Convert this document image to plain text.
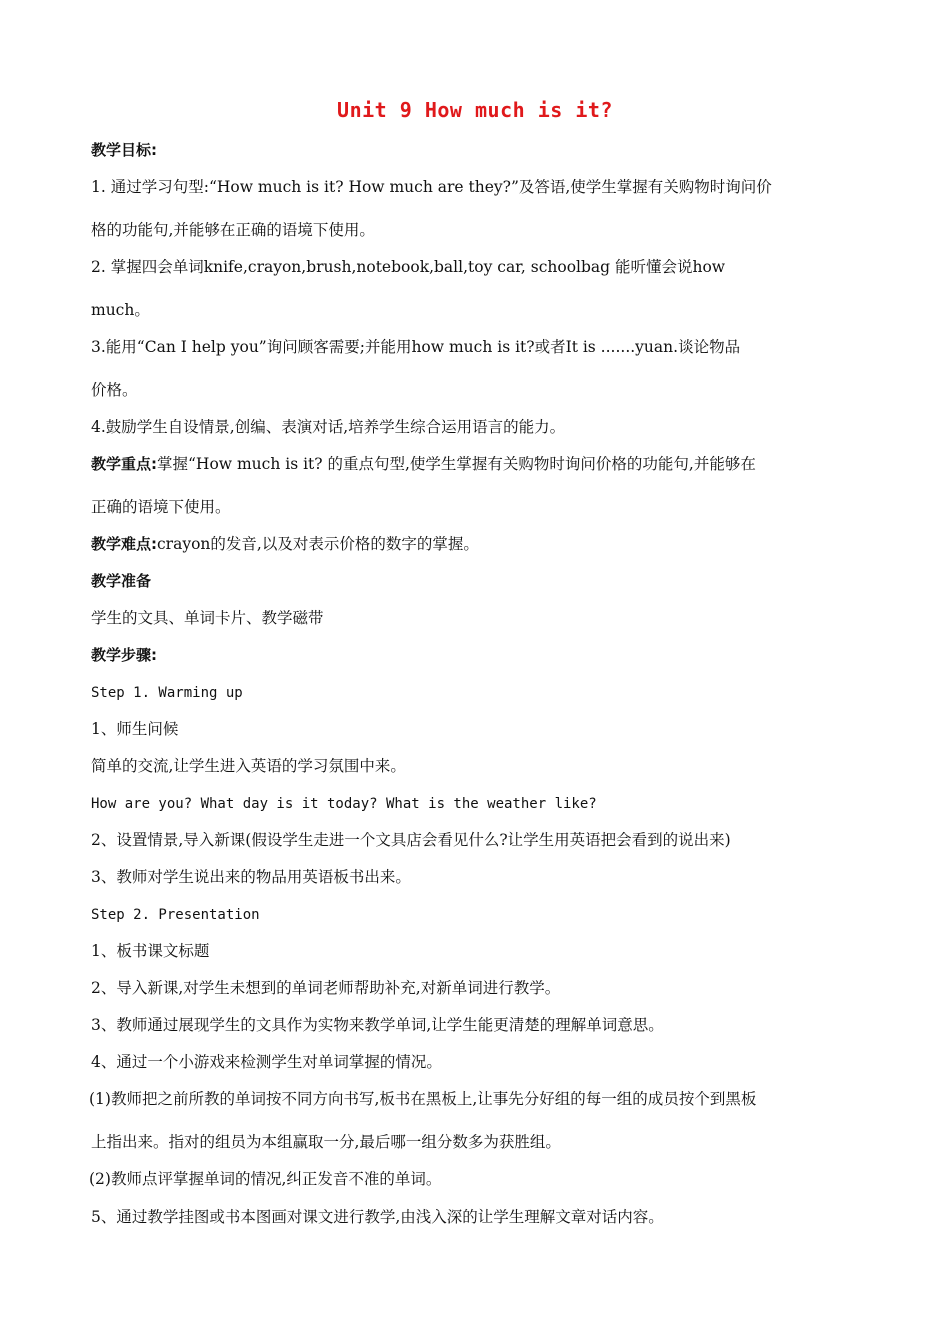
Unit 9 How much is it?
教学目标:
1. 通过学习句型:“How much is it? How much are they?”及答语,使学生掌握有关购物时询问价
格的功能句,并能够在正确的语境下使用。
2. 掌握四会单词knife,crayon,brush,notebook,ball,toy car, schoolbag 能听懂会说how
much。
3.能用“Can I help you”询问顾客需要;并能用how much is it?或者It is .......yuan.谈论物品
价格。
4.鼓励学生自设情景,创编、表演对话,培养学生综合运用语言的能力。
教学重点:掌握“How much is it? 的重点句型,使学生掌握有关购物时询问价格的功能句,并能够在
正确的语境下使用。
教学难点:crayon的发音,以及对表示价格的数字的掌握。
教学准备
学生的文具、单词卡片、教学磁带
教学步骤:
Step 1. Warming up
1、师生问候
简单的交流,让学生进入英语的学习氛围中来。
How are you? What day is it today? What is the weather like?
2、设置情景,导入新课(假设学生走进一个文具店会看见什么?让学生用英语把会看到的说出来)
3、教师对学生说出来的物品用英语板书出来。
Step 2. Presentation
1、板书课文标题
2、导入新课,对学生未想到的单词老师帮助补充,对新单词进行教学。
3、教师通过展现学生的文具作为实物来教学单词,让学生能更清楚的理解单词意思。
4、通过一个小游戏来检测学生对单词掌握的情况。
(1)教师把之前所教的单词按不同方向书写,板书在黑板上,让事先分好组的每一组的成员按个到黑板
上指出来。指对的组员为本组赢取一分,最后哪一组分数多为获胜组。
(2)教师点评掌握单词的情况,纠正发音不准的单词。
5、通过教学挂图或书本图画对课文进行教学,由浅入深的让学生理解文章对话内容。
